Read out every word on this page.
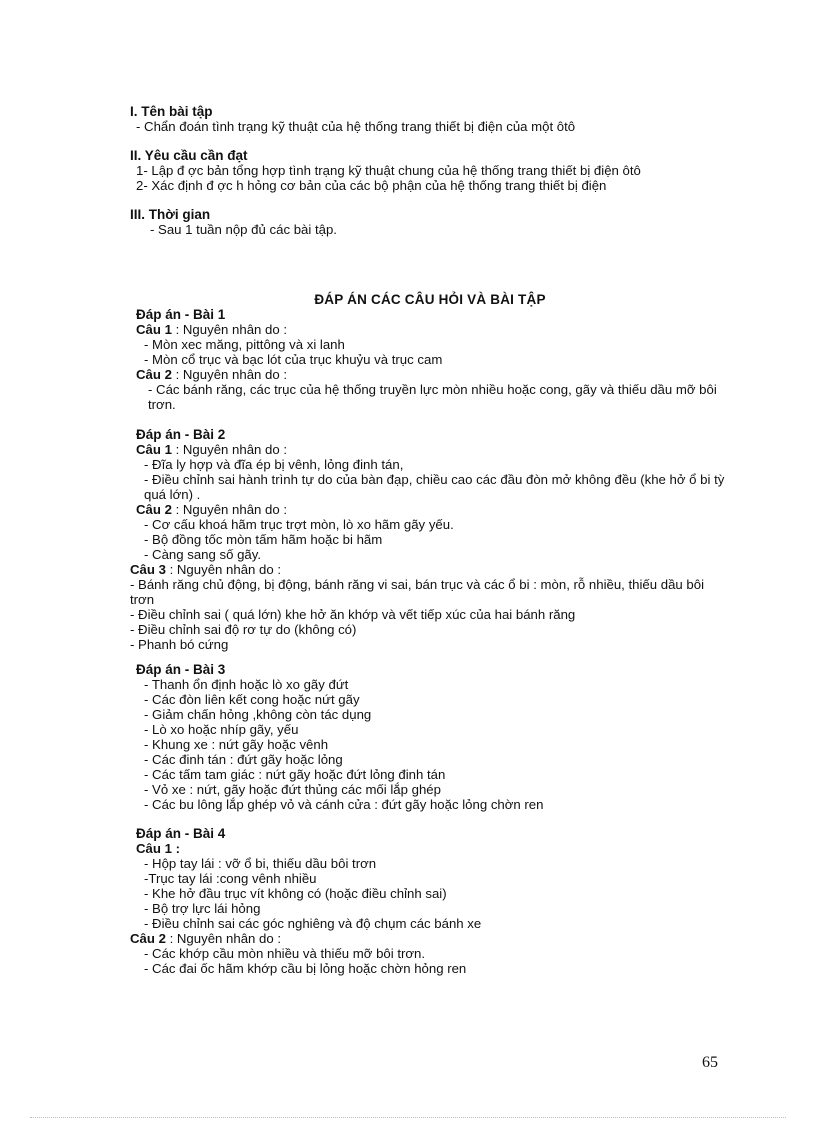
I. Tên bài tập
- Chẩn đoán tình trạng kỹ thuật của hệ thống trang thiết bị điện của một ôtô
II. Yêu cầu cần đạt
1- Lập đ ợc bản tổng hợp tình trạng kỹ thuật chung của hệ thống trang thiết bị điện ôtô
2- Xác định đ ợc h hỏng cơ bản của các bộ phận của hệ thống trang thiết bị điện
III. Thời gian
- Sau 1 tuần nộp đủ các bài tập.
ĐÁP ÁN CÁC CÂU HỎI VÀ BÀI TẬP
Đáp án - Bài 1
Câu 1 : Nguyên nhân do :
- Mòn xec măng, pittông và xi lanh
- Mòn cổ trục và bạc lót của trục khuỷu và trục cam
Câu 2 : Nguyên nhân do :
- Các bánh răng, các trục của hệ thống truyền lực mòn nhiều hoặc cong, gãy và thiếu dầu mỡ bôi trơn.
Đáp án - Bài 2
Câu 1 : Nguyên nhân do :
- Đĩa ly hợp và đĩa ép bị vênh, lỏng đinh tán,
- Điều chỉnh sai hành trình tự do của bàn đạp, chiều cao các đầu đòn mở không đều (khe hở ổ bi tỳ quá lớn) .
Câu 2 : Nguyên nhân do :
- Cơ cấu khoá hãm trục trợt mòn, lò xo hãm gãy yếu.
- Bộ đồng tốc mòn tấm hãm hoặc bi hãm
- Càng sang số gãy.
Câu 3 : Nguyên nhân do :
- Bánh răng chủ động, bị động, bánh răng vi sai, bán trục và các ổ bi : mòn, rỗ nhiều, thiếu dầu bôi trơn
- Điều chỉnh sai ( quá lớn) khe hở ăn khớp và vết tiếp xúc của hai bánh răng
- Điều chỉnh sai độ rơ tự do (không có)
- Phanh bó cứng
Đáp án - Bài 3
- Thanh ổn định hoặc lò xo gãy đứt
- Các đòn liên kết cong hoặc nứt gãy
- Giảm chấn hỏng ,không còn tác dụng
- Lò xo hoặc nhíp gãy, yếu
- Khung xe : nứt gãy hoặc vênh
- Các đinh tán : đứt gãy hoặc lỏng
- Các tấm tam giác : nứt gãy hoặc đứt lỏng đinh tán
- Vỏ xe : nứt, gãy hoặc đứt thủng các mối lắp ghép
- Các bu lông lắp ghép vỏ và cánh cửa : đứt gãy hoặc lỏng chờn ren
Đáp án - Bài 4
Câu 1 :
- Hộp tay lái : vỡ ổ bi, thiếu dầu bôi trơn
-Trục tay lái :cong vênh nhiều
- Khe hở đầu trục vít không có (hoặc điều chỉnh sai)
- Bộ trợ lực lái hỏng
- Điều chỉnh sai các góc nghiêng và độ chụm các bánh xe
Câu 2 : Nguyên nhân do :
- Các khớp cầu mòn nhiều và thiếu mỡ bôi trơn.
- Các đai ốc hãm khớp cầu bị lỏng hoặc chờn hỏng ren
65
